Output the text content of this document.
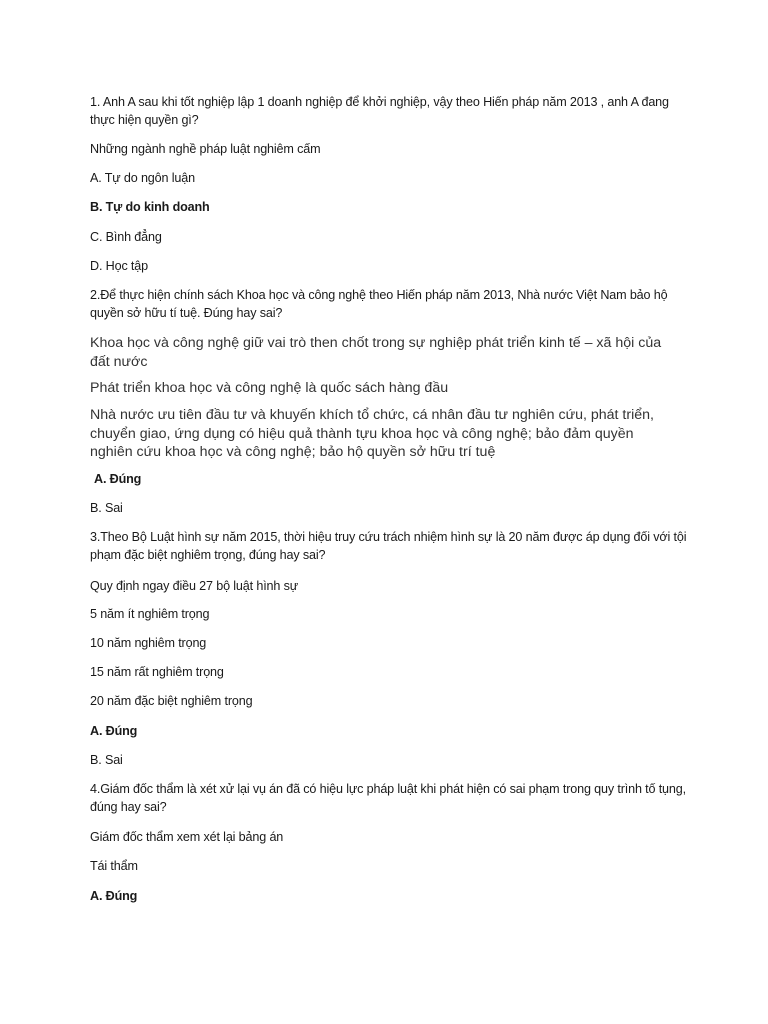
1. Anh A sau khi tốt nghiệp lập 1 doanh nghiệp để khởi nghiệp, vậy theo Hiến pháp năm 2013 , anh A đang thực hiện quyền gì?

Những ngành nghề pháp luật nghiêm cấm

A. Tự do ngôn luận

B. Tự do kinh doanh

C. Bình đẳng

D. Học tập

2.Để thực hiện chính sách Khoa học và công nghệ theo Hiến pháp năm 2013, Nhà nước Việt Nam bảo hộ quyền sở hữu tí tuệ. Đúng hay sai?

Khoa học và công nghệ giữ vai trò then chốt trong sự nghiệp phát triển kinh tế – xã hội của đất nước

Phát triển khoa học và công nghệ là quốc sách hàng đầu

Nhà nước ưu tiên đầu tư và khuyến khích tổ chức, cá nhân đầu tư nghiên cứu, phát triển, chuyển giao, ứng dụng có hiệu quả thành tựu khoa học và công nghệ; bảo đảm quyền nghiên cứu khoa học và công nghệ; bảo hộ quyền sở hữu trí tuệ

A. Đúng

B. Sai

3.Theo Bộ Luật hình sự năm 2015, thời hiệu truy cứu trách nhiệm hình sự là 20 năm được áp dụng đối với tội phạm đặc biệt nghiêm trọng, đúng hay sai?

Quy định ngay điều 27 bộ luật hình sự

5 năm ít nghiêm trọng

10 năm nghiêm trọng

15 năm rất nghiêm trọng

20 năm đặc biệt nghiêm trọng

A. Đúng

B. Sai

4.Giám đốc thẩm là xét xử lại vụ án đã có hiệu lực pháp luật khi phát hiện có sai phạm trong quy trình tố tụng, đúng hay sai?

Giám đốc thẩm xem xét lại bảng án

Tái thẩm

A. Đúng
